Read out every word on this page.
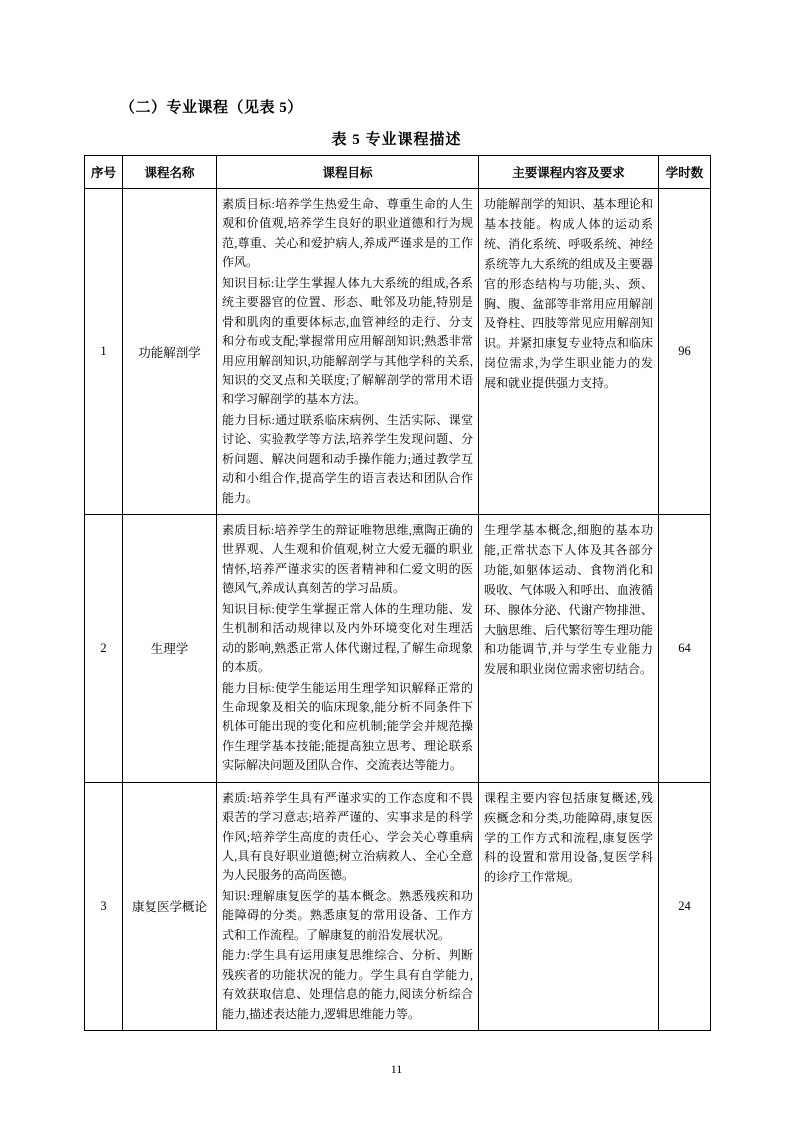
（二）专业课程（见表 5）
表 5 专业课程描述
序号	课程名称	课程目标	主要课程内容及要求	学时数
1	功能解剖学	素质目标:培养学生热爱生命、尊重生命的人生观和价值观,培养学生良好的职业道德和行为规范,尊重、关心和爱护病人,养成严谨求是的工作作风。

知识目标:让学生掌握人体九大系统的组成,各系统主要器官的位置、形态、毗邻及功能,特别是骨和肌肉的重要体标志,血管神经的走行、分支和分布或支配;掌握常用应用解剖知识;熟悉非常用应用解剖知识,功能解剖学与其他学科的关系,知识的交叉点和关联度;了解解剖学的常用术语和学习解剖学的基本方法。

能力目标:通过联系临床病例、生活实际、课堂讨论、实验教学等方法,培养学生发现问题、分析问题、解决问题和动手操作能力;通过教学互动和小组合作,提高学生的语言表达和团队合作能力。	功能解剖学的知识、基本理论和基本技能。构成人体的运动系统、消化系统、呼吸系统、神经系统等九大系统的组成及主要器官的形态结构与功能,头、颈、胸、腹、盆部等非常用应用解剖及脊柱、四肢等常见应用解剖知识。并紧扣康复专业特点和临床岗位需求,为学生职业能力的发展和就业提供强力支持。	96
2	生理学	素质目标:培养学生的辩证唯物思维,熏陶正确的世界观、人生观和价值观,树立大爱无疆的职业情怀,培养严谨求实的医者精神和仁爱文明的医德风气,养成认真刻苦的学习品质。

知识目标:使学生掌握正常人体的生理功能、发生机制和活动规律以及内外环境变化对生理活动的影响,熟悉正常人体代谢过程,了解生命现象的本质。

能力目标:使学生能运用生理学知识解释正常的生命现象及相关的临床现象,能分析不同条件下机体可能出现的变化和应机制;能学会并规范操作生理学基本技能;能提高独立思考、理论联系实际解决问题及团队合作、交流表达等能力。	生理学基本概念,细胞的基本功能,正常状态下人体及其各部分功能,如躯体运动、食物消化和吸收、气体吸入和呼出、血液循环、腺体分泌、代谢产物排泄、大脑思维、后代繁衍等生理功能和功能调节,并与学生专业能力发展和职业岗位需求密切结合。	64
3	康复医学概论	素质:培养学生具有严谨求实的工作态度和不畏艰苦的学习意志;培养严谨的、实事求是的科学作风;培养学生高度的责任心、学会关心尊重病人,具有良好职业道德;树立治病救人、全心全意为人民服务的高尚医德。

知识:理解康复医学的基本概念。熟悉残疾和功能障碍的分类。熟悉康复的常用设备、工作方式和工作流程。了解康复的前沿发展状况。

能力:学生具有运用康复思维综合、分析、判断残疾者的功能状况的能力。学生具有自学能力,有效获取信息、处理信息的能力,阅读分析综合能力,描述表达能力,逻辑思维能力等。	课程主要内容包括康复概述,残疾概念和分类,功能障碍,康复医学的工作方式和流程,康复医学科的设置和常用设备,复医学科的诊疗工作常规。	24
11
